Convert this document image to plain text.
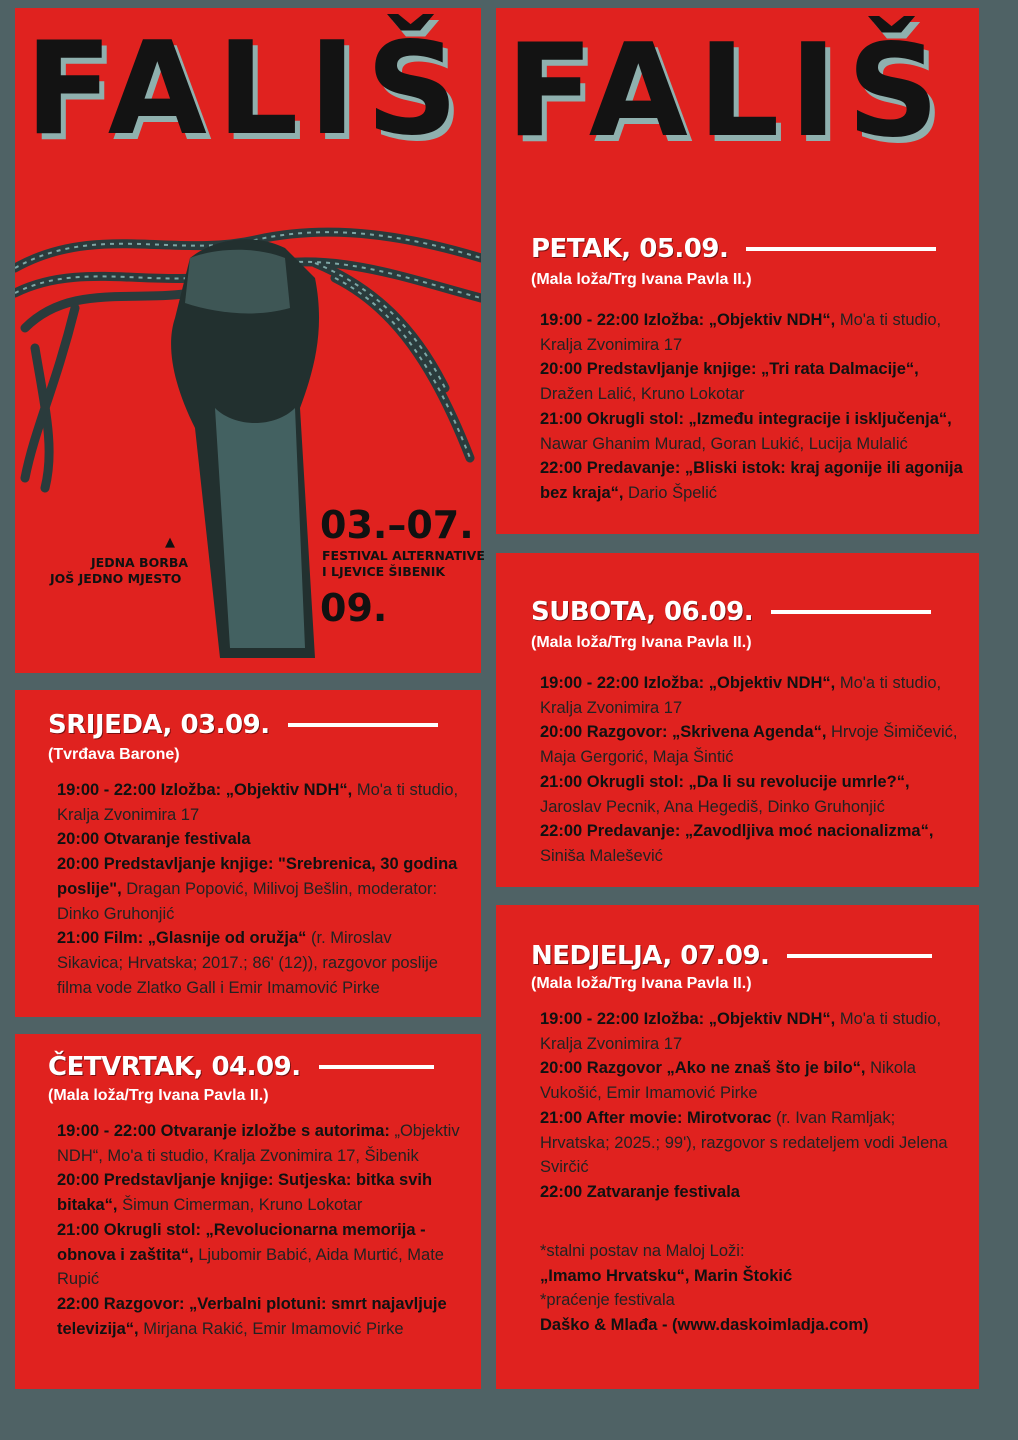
FALIŠ
03.–07.
FESTIVAL ALTERNATIVE
I LJEVICE ŠIBENIK
09.
▲
JEDNA BORBA
JOŠ JEDNO MJESTO
FALIŠ
PETAK, 05.09.
(Mala loža/Trg Ivana Pavla II.)

19:00 - 22:00 Izložba: „Objektiv NDH“, Mo'a ti studio, Kralja Zvonimira 17

20:00 Predstavljanje knjige: „Tri rata Dalmacije“, Dražen Lalić, Kruno Lokotar

21:00 Okrugli stol: „Između integracije i isključenja“, Nawar Ghanim Murad, Goran Lukić, Lucija Mulalić

22:00 Predavanje: „Bliski istok: kraj agonije ili agonija bez kraja“, Dario Špelić

SUBOTA, 06.09.
(Mala loža/Trg Ivana Pavla II.)

19:00 - 22:00 Izložba: „Objektiv NDH“, Mo'a ti studio, Kralja Zvonimira 17

20:00 Razgovor: „Skrivena Agenda“, Hrvoje Šimičević, Maja Gergorić, Maja Šintić

21:00 Okrugli stol: „Da li su revolucije umrle?“, Jaroslav Pecnik, Ana Hegediš, Dinko Gruhonjić

22:00 Predavanje: „Zavodljiva moć nacionalizma“, Siniša Malešević

NEDJELJA, 07.09.
(Mala loža/Trg Ivana Pavla II.)

19:00 - 22:00 Izložba: „Objektiv NDH“, Mo'a ti studio, Kralja Zvonimira 17

20:00 Razgovor „Ako ne znaš što je bilo“, Nikola Vukošić, Emir Imamović Pirke

21:00 After movie: Mirotvorac (r. Ivan Ramljak; Hrvatska; 2025.; 99'), razgovor s redateljem vodi Jelena Svirčić

22:00 Zatvaranje festivala

*stalni postav na Maloj Loži:

„Imamo Hrvatsku“, Marin Štokić

*praćenje festivala

Daško & Mlađa - (www.daskoimladja.com)

SRIJEDA, 03.09.
(Tvrđava Barone)

19:00 - 22:00 Izložba: „Objektiv NDH“, Mo'a ti studio, Kralja Zvonimira 17

20:00 Otvaranje festivala

20:00 Predstavljanje knjige: "Srebrenica, 30 godina poslije", Dragan Popović, Milivoj Bešlin, moderator: Dinko Gruhonjić

21:00 Film: „Glasnije od oružja“ (r. Miroslav Sikavica; Hrvatska; 2017.; 86' (12)), razgovor poslije filma vode Zlatko Gall i Emir Imamović Pirke

ČETVRTAK, 04.09.
(Mala loža/Trg Ivana Pavla II.)

19:00 - 22:00 Otvaranje izložbe s autorima: „Objektiv NDH“, Mo'a ti studio, Kralja Zvonimira 17, Šibenik

20:00 Predstavljanje knjige: Sutjeska: bitka svih bitaka“, Šimun Cimerman, Kruno Lokotar

21:00 Okrugli stol: „Revolucionarna memorija - obnova i zaštita“, Ljubomir Babić, Aida Murtić, Mate Rupić

22:00 Razgovor: „Verbalni plotuni: smrt najavljuje televizija“, Mirjana Rakić, Emir Imamović Pirke
